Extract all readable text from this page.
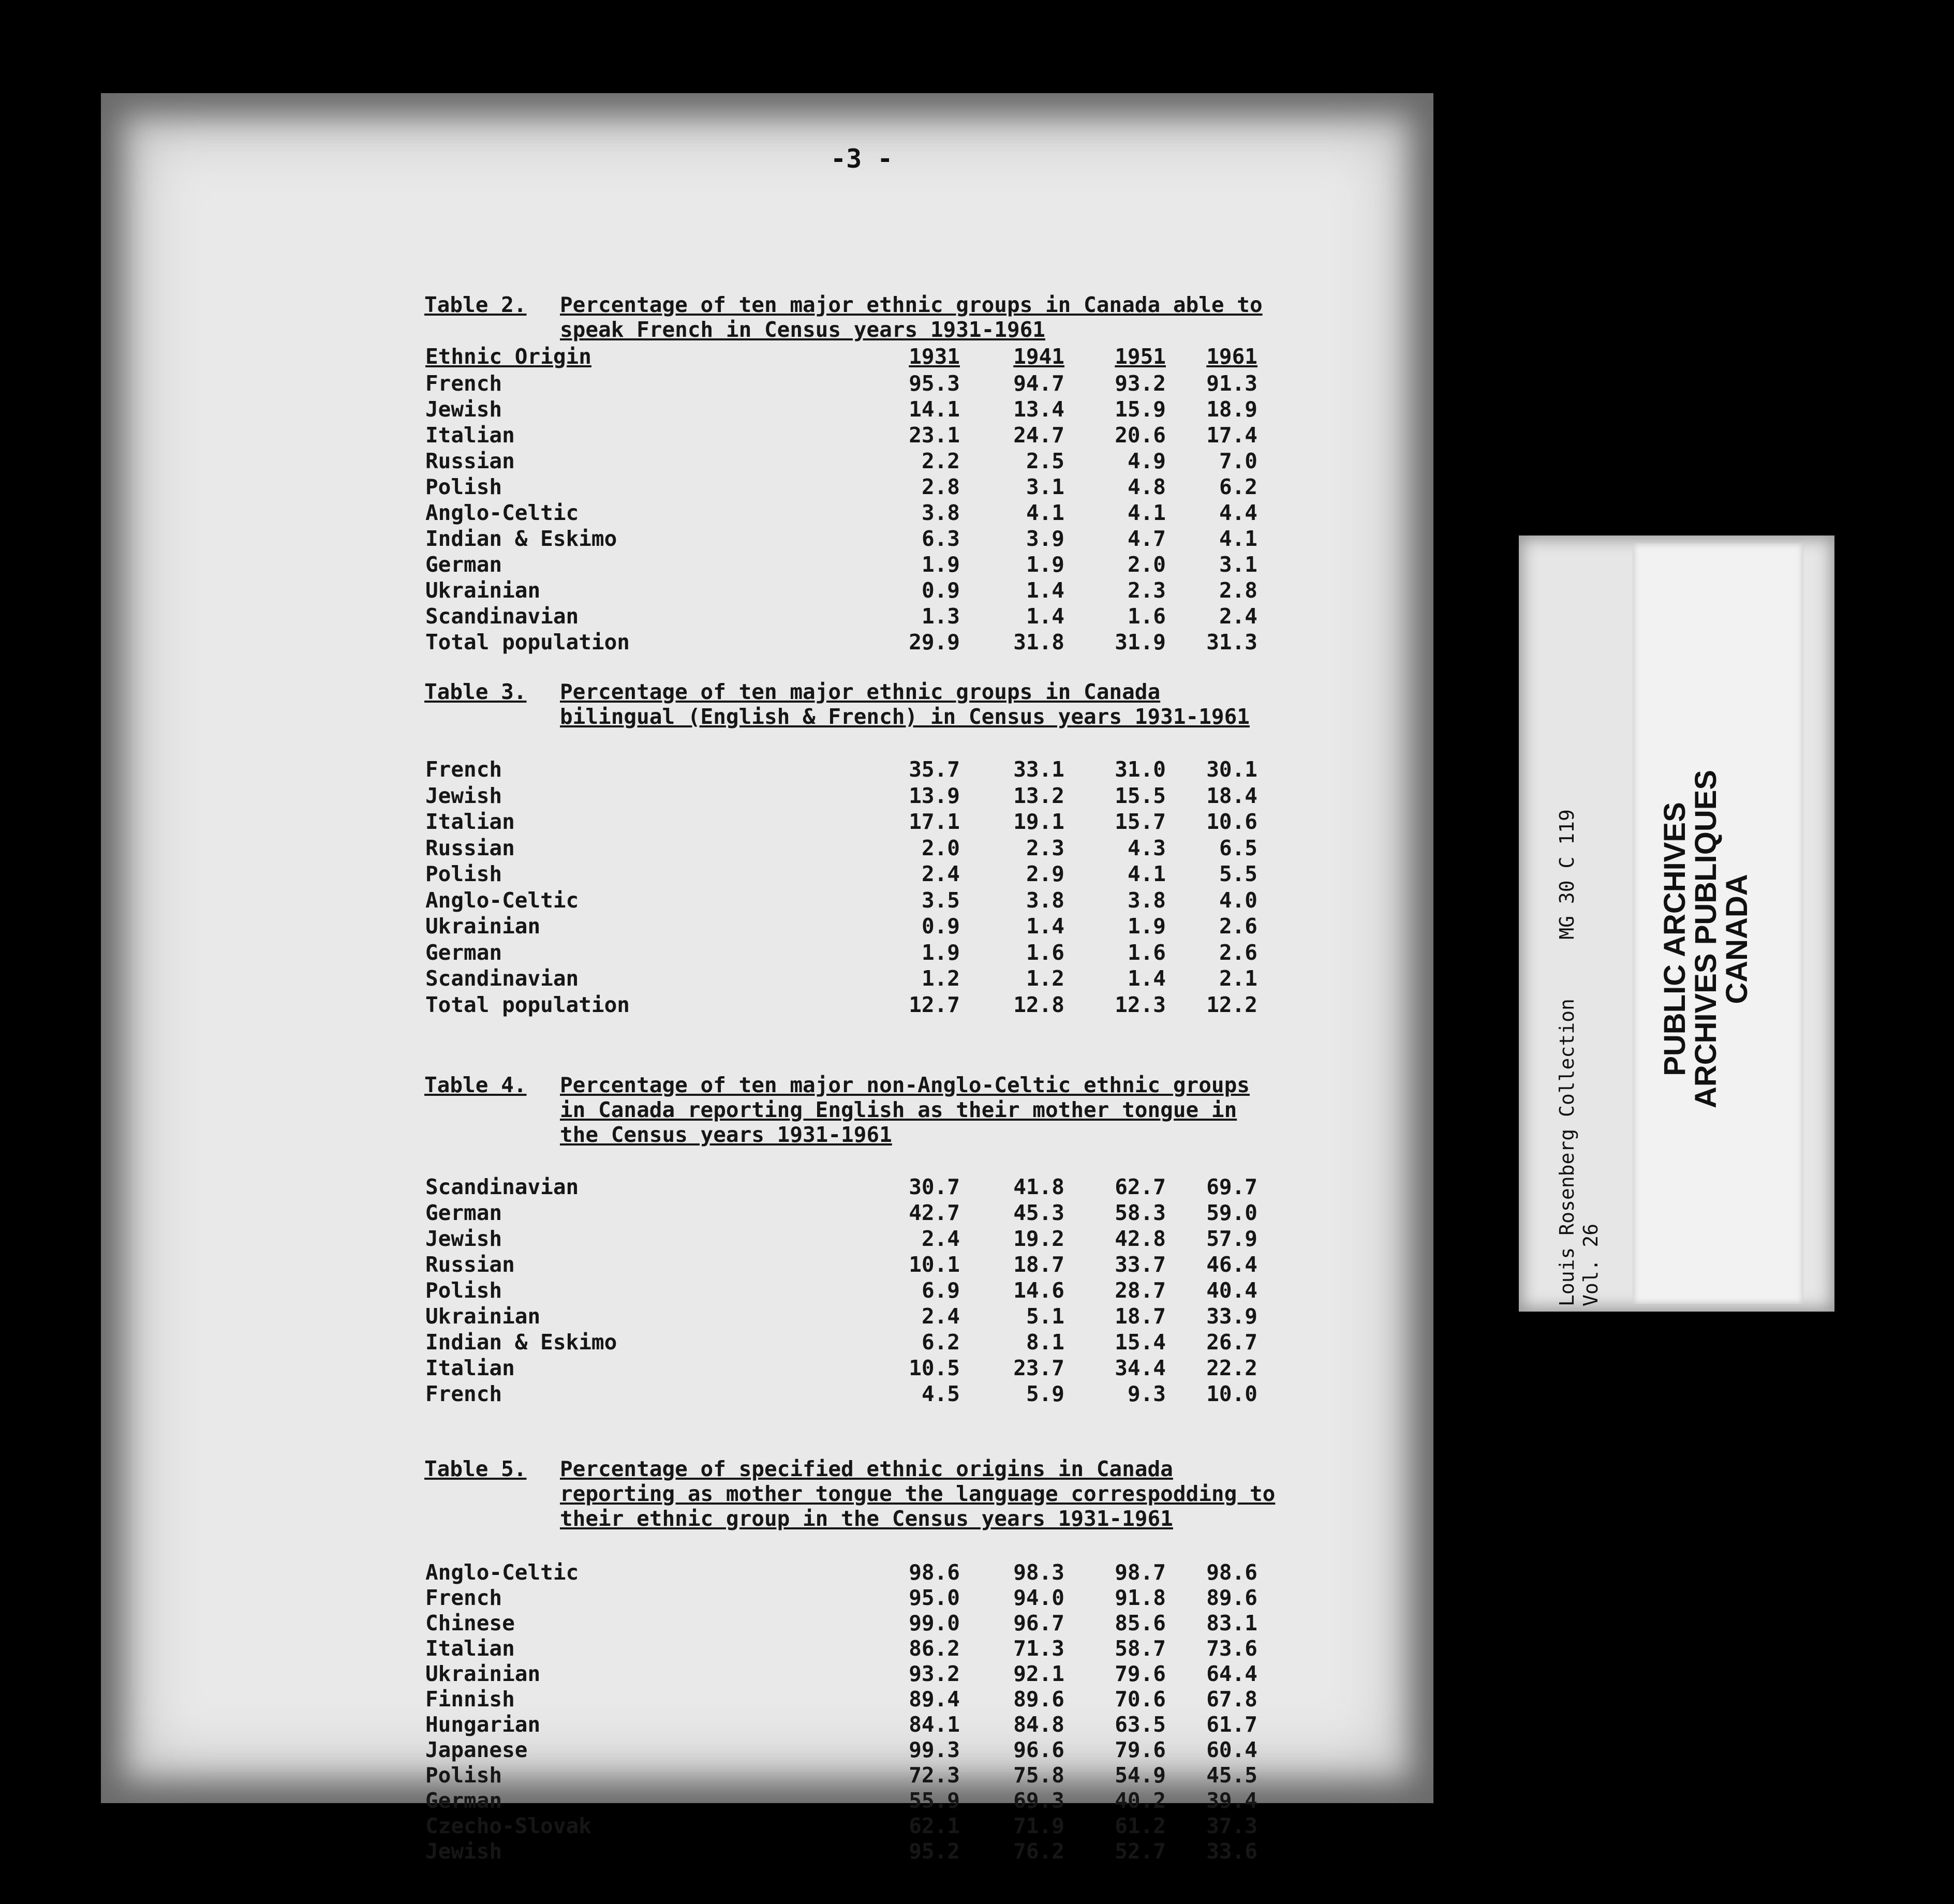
-3 -
Table 2. Percentage of ten major ethnic groups in Canada able to speak French in Census years 1931-1961
Ethnic Origin	1931	1941 1951 1961
French	95.3	94.7	93.2	91.3
Jewish	14.1	13.4	15.9	18.9
Italian	23.1	24.7	20.6	17.4
Russian	2.2	2.5	4.9	7.0
Polish	2.8	3.1	4.8	6.2
Anglo-Celtic	3.8	4.1	4.1	4.4
Indian & Eskimo	6.3	3.9	4.7	4.1
German	1.9	1.9	2.0	3.1
Ukrainian	0.9	1.4	2.3	2.8
Scandinavian	1.3	1.4	1.6	2.4
Total population	29.9	31.8	31.9	31.3
Table 3. Percentage of ten major ethnic groups in Canada bilingual (English & French) in Census years 1931-1961
French	35.7	33.1	31.0	30.1
Jewish	13.9	13.2	15.5	18.4
Italian	17.1	19.1	15.7	10.6
Russian	2.0	2.3	4.3	6.5
Polish	2.4	2.9	4.1	5.5
Anglo-Celtic	3.5	3.8	3.8	4.0
Ukrainian	0.9	1.4	1.9	2.6
German	1.9	1.6	1.6	2.6
Scandinavian	1.2	1.2	1.4	2.1
Total population	12.7	12.8	12.3	12.2
Table 4. Percentage of ten major non-Anglo-Celtic ethnic groups in Canada reporting English as their mother tongue in the Census years 1931-1961
Scandinavian	30.7	41.8	62.7	69.7
German	42.7	45.3	58.3	59.0
Jewish	2.4	19.2	42.8	57.9
Russian	10.1	18.7	33.7	46.4
Polish	6.9	14.6	28.7	40.4
Ukrainian	2.4	5.1	18.7	33.9
Indian & Eskimo	6.2	8.1	15.4	26.7
Italian	10.5	23.7	34.4	22.2
French	4.5	5.9	9.3	10.0
Table 5. Percentage of specified ethnic origins in Canada reporting as mother tongue the language correspodding to their ethnic group in the Census years 1931-1961
Anglo-Celtic	98.6	98.3	98.7	98.6
French	95.0	94.0	91.8	89.6
Chinese	99.0	96.7	85.6	83.1
Italian	86.2	71.3	58.7	73.6
Ukrainian	93.2	92.1	79.6	64.4
Finnish	89.4	89.6	70.6	67.8
Hungarian	84.1	84.8	63.5	61.7
Japanese	99.3	96.6	79.6	60.4
Polish	72.3	75.8	54.9	45.5
German	55.9	69.3	40.2	39.4
Czecho-Slovak	62.1	71.9	61.2	37.3
Jewish	95.2	76.2	52.7	33.6
Louis Rosenberg Collection     MG 30 C 119
Vol. 26
PUBLIC ARCHIVES
ARCHIVES PUBLIQUES
CANADA
